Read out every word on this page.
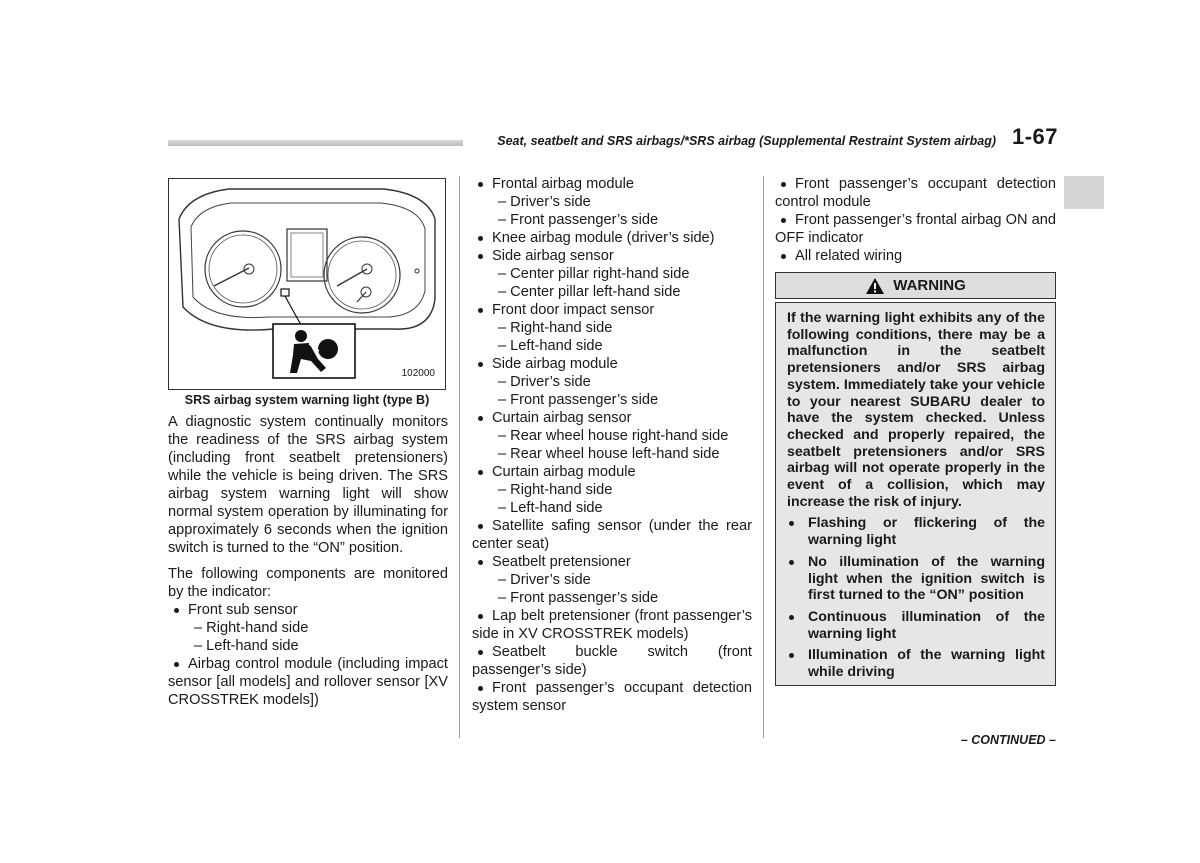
Seat, seatbelt and SRS airbags/*SRS airbag (Supplemental Restraint System airbag) 1-67
102000
SRS airbag system warning light (type B)

A diagnostic system continually monitors the readiness of the SRS airbag system (including front seatbelt pretensioners) while the vehicle is being driven. The SRS airbag system warning light will show normal system operation by illuminating for approximately 6 seconds when the ignition switch is turned to the “ON” position.

The following components are monitored by the indicator:

Front sub sensor
– Right-hand side
– Left-hand side
Airbag control module (including impact sensor [all models] and rollover sensor [XV CROSSTREK models])
Frontal airbag module
– Driver’s side
– Front passenger’s side
Knee airbag module (driver’s side)
Side airbag sensor
– Center pillar right-hand side
– Center pillar left-hand side
Front door impact sensor
– Right-hand side
– Left-hand side
Side airbag module
– Driver’s side
– Front passenger’s side
Curtain airbag sensor
– Rear wheel house right-hand side
– Rear wheel house left-hand side
Curtain airbag module
– Right-hand side
– Left-hand side
Satellite safing sensor (under the rear center seat)
Seatbelt pretensioner
– Driver’s side
– Front passenger’s side
Lap belt pretensioner (front passenger’s side in XV CROSSTREK models)
Seatbelt buckle switch (front passenger’s side)
Front passenger’s occupant detection system sensor
Front passenger’s occupant detection control module
Front passenger’s frontal airbag ON and OFF indicator
All related wiring
WARNING
If the warning light exhibits any of the following conditions, there may be a malfunction in the seatbelt pretensioners and/or SRS airbag system. Immediately take your vehicle to your nearest SUBARU dealer to have the system checked. Unless checked and properly repaired, the seatbelt pretensioners and/or SRS airbag will not operate properly in the event of a collision, which may increase the risk of injury.
Flashing or flickering of the warning light
No illumination of the warning light when the ignition switch is first turned to the “ON” position
Continuous illumination of the warning light
Illumination of the warning light while driving
– CONTINUED –
